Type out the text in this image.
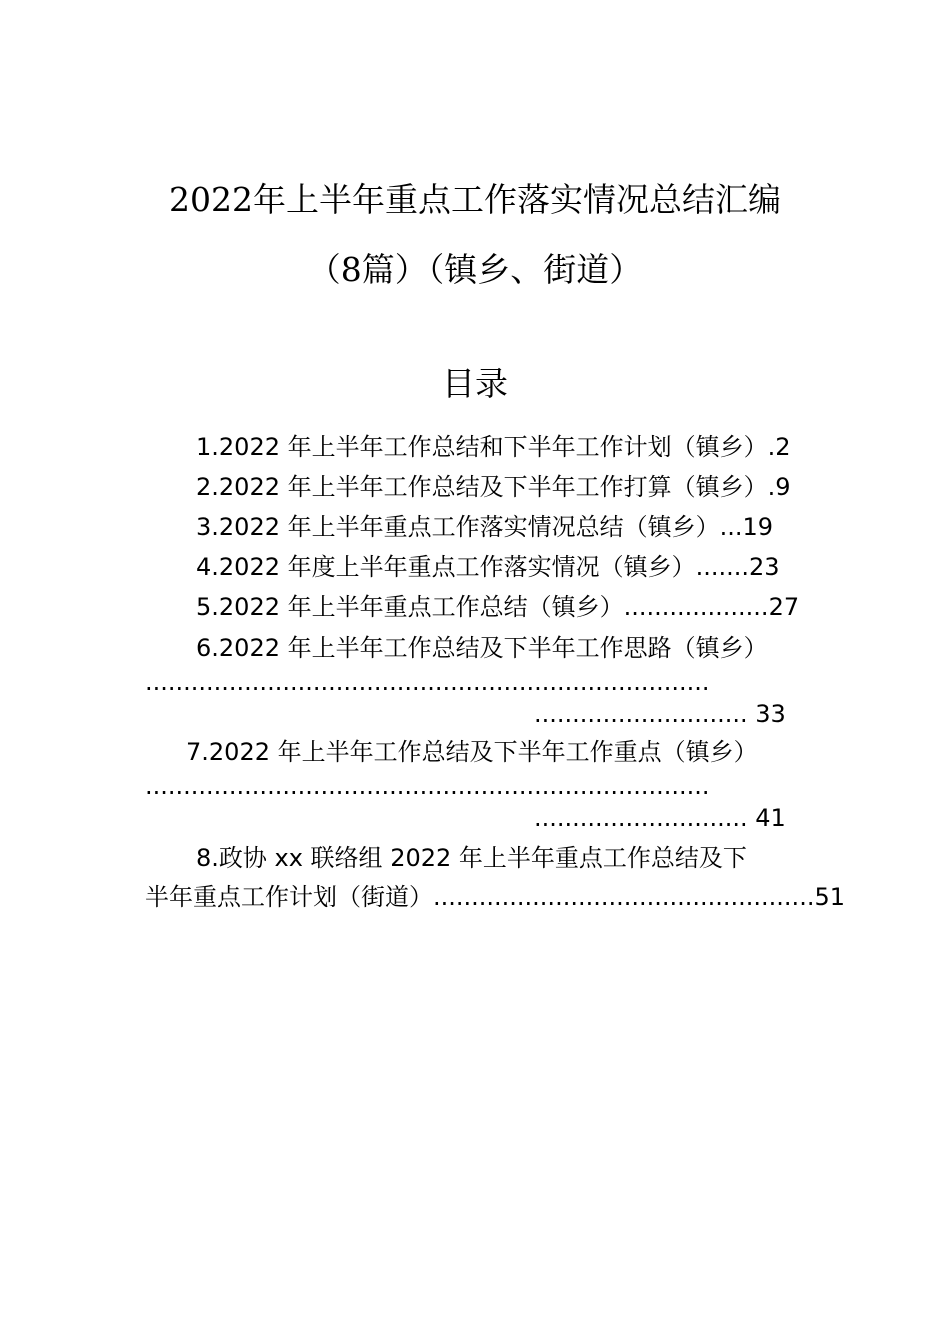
2022年上半年重点工作落实情况总结汇编
（8篇）（镇乡、街道）
目录
1.2022 年上半年工作总结和下半年工作计划（镇乡）.2
2.2022 年上半年工作总结及下半年工作打算（镇乡）.9
3.2022 年上半年重点工作落实情况总结（镇乡）...19
4.2022 年度上半年重点工作落实情况（镇乡）.......23
5.2022 年上半年重点工作总结（镇乡）...................27
6.2022 年上半年工作总结及下半年工作思路（镇乡）
..........................................................................
............................ 33
7.2022 年上半年工作总结及下半年工作重点（镇乡）
..........................................................................
............................ 41
8.政协 xx 联络组 2022 年上半年重点工作总结及下
半年重点工作计划（街道）..................................................51
